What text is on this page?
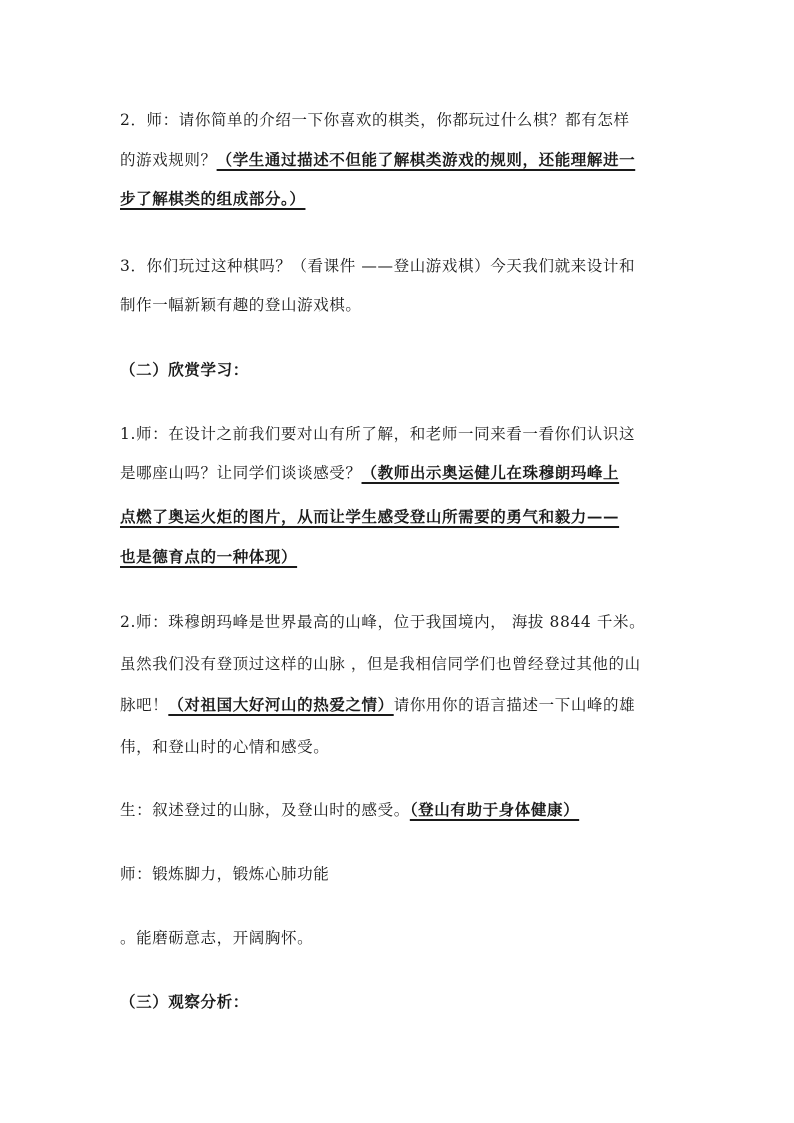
2．师：请你简单的介绍一下你喜欢的棋类，你都玩过什么棋？都有怎样
的游戏规则？（学生通过描述不但能了解棋类游戏的规则，还能理解进一
步了解棋类的组成部分。）
3．你们玩过这种棋吗？（看课件 ——登山游戏棋）今天我们就来设计和
制作一幅新颖有趣的登山游戏棋。
（二）欣赏学习：
1.师：在设计之前我们要对山有所了解，和老师一同来看一看你们认识这
是哪座山吗？让同学们谈谈感受？（教师出示奥运健儿在珠穆朗玛峰上
点燃了奥运火炬的图片，从而让学生感受登山所需要的勇气和毅力——
也是德育点的一种体现）
2.师：珠穆朗玛峰是世界最高的山峰，位于我国境内， 海拔 8844 千米。
虽然我们没有登顶过这样的山脉 ，但是我相信同学们也曾经登过其他的山
脉吧！（对祖国大好河山的热爱之情）请你用你的语言描述一下山峰的雄
伟，和登山时的心情和感受。
生：叙述登过的山脉，及登山时的感受。（登山有助于身体健康）
师：锻炼脚力，锻炼心肺功能
。能磨砺意志，开阔胸怀。
（三）观察分析：
